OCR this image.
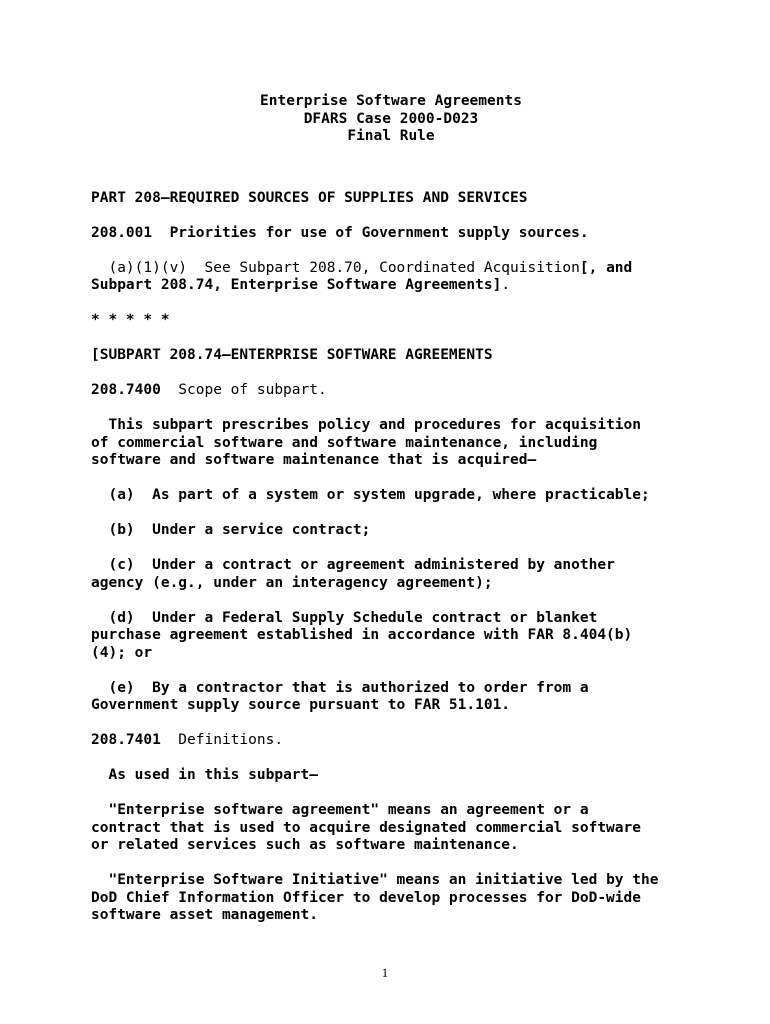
Enterprise Software Agreements

DFARS Case 2000-D023

Final Rule

PART 208—REQUIRED SOURCES OF SUPPLIES AND SERVICES

208.001  Priorities for use of Government supply sources.

(a)(1)(v)  See Subpart 208.70, Coordinated Acquisition[, and
Subpart 208.74, Enterprise Software Agreements].

* * * * *

[SUBPART 208.74—ENTERPRISE SOFTWARE AGREEMENTS

208.7400  Scope of subpart.

This subpart prescribes policy and procedures for acquisition
of commercial software and software maintenance, including
software and software maintenance that is acquired—

(a)  As part of a system or system upgrade, where practicable;

(b)  Under a service contract;

(c)  Under a contract or agreement administered by another
agency (e.g., under an interagency agreement);

(d)  Under a Federal Supply Schedule contract or blanket
purchase agreement established in accordance with FAR 8.404(b)
(4); or

(e)  By a contractor that is authorized to order from a
Government supply source pursuant to FAR 51.101.

208.7401  Definitions.

As used in this subpart—

"Enterprise software agreement" means an agreement or a
contract that is used to acquire designated commercial software
or related services such as software maintenance.

"Enterprise Software Initiative" means an initiative led by the
DoD Chief Information Officer to develop processes for DoD-wide
software asset management.

1
